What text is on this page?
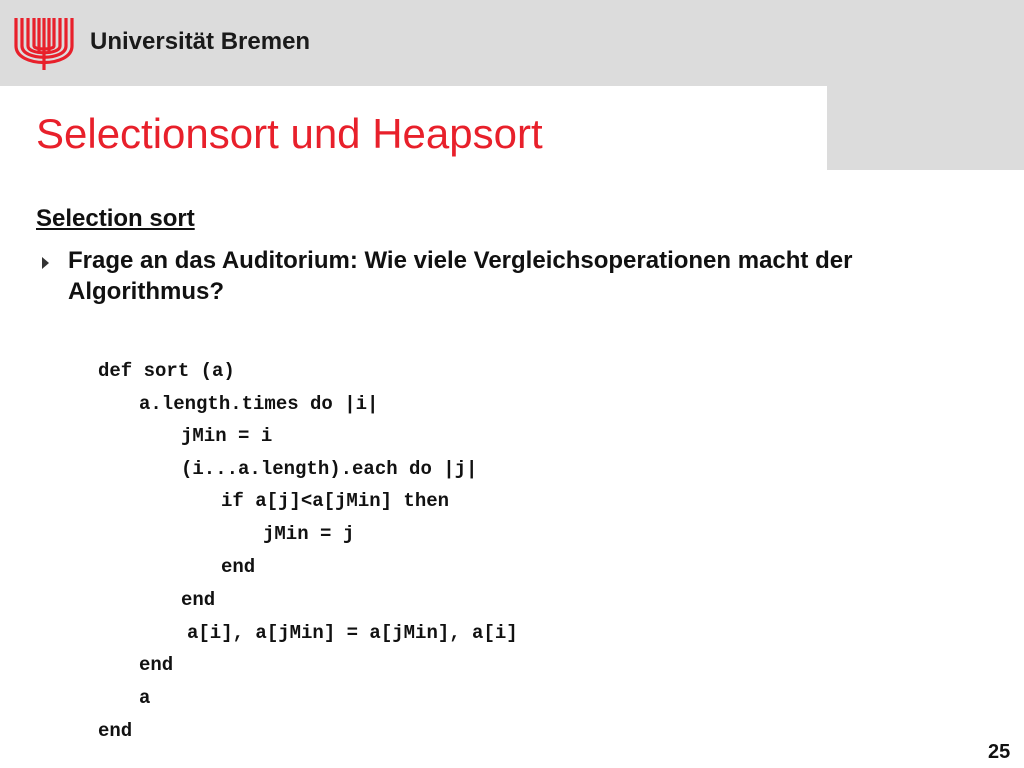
Universität Bremen
Selectionsort und Heapsort
Selection sort
Frage an das Auditorium: Wie viele Vergleichsoperationen macht der Algorithmus?
def sort (a)
a.length.times do |i|
jMin = i
(i...a.length).each do |j|
if a[j]<a[jMin] then
jMin = j
end
end
a[i], a[jMin] = a[jMin], a[i]
end
a
end
25
